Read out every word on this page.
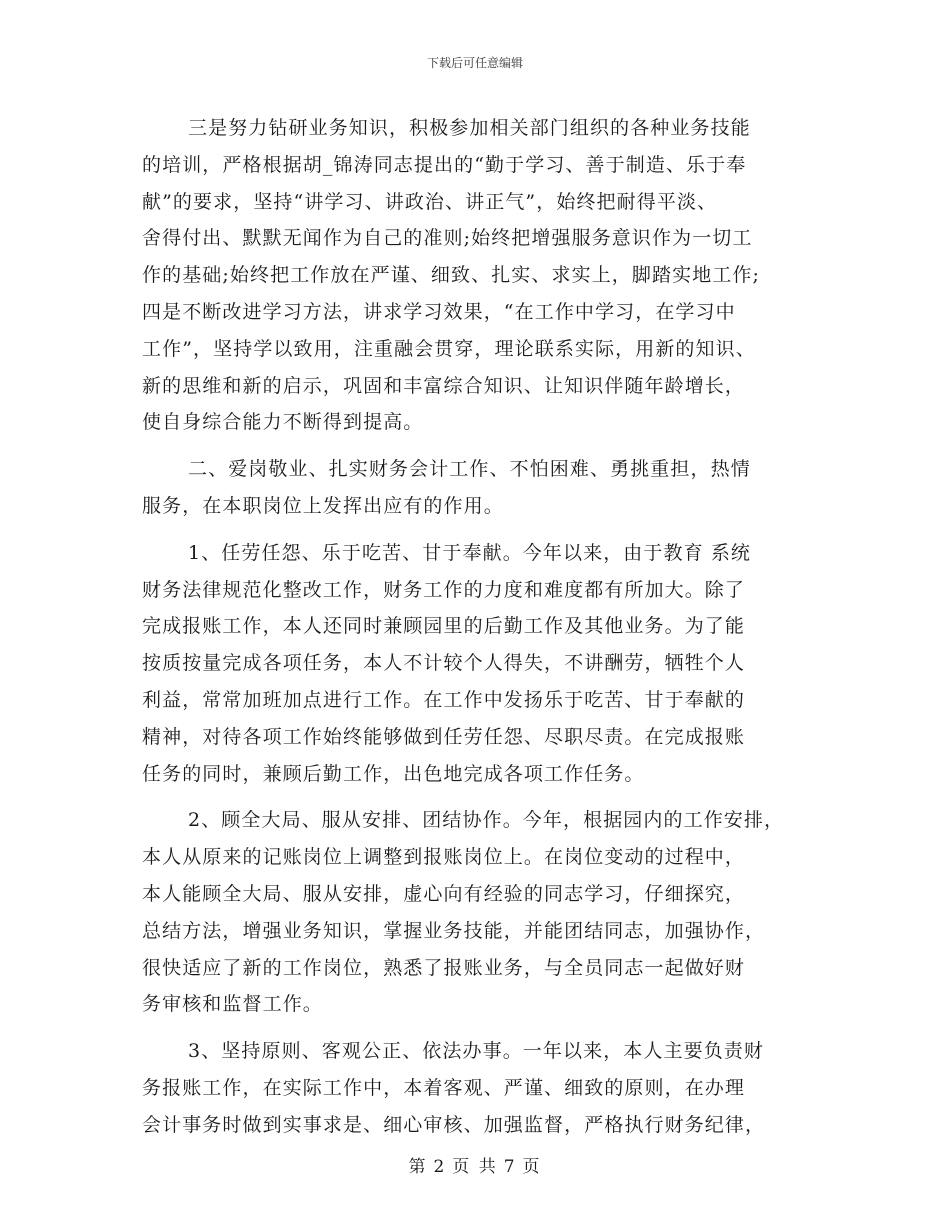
下载后可任意编辑
三是努力钻研业务知识，积极参加相关部门组织的各种业务技能
的培训，严格根据胡_锦涛同志提出的“勤于学习、善于制造、乐于奉
献”的要求，坚持“讲学习、讲政治、讲正气”，始终把耐得平淡、
舍得付出、默默无闻作为自己的准则;始终把增强服务意识作为一切工
作的基础;始终把工作放在严谨、细致、扎实、求实上，脚踏实地工作;
四是不断改进学习方法，讲求学习效果，“在工作中学习，在学习中
工作”，坚持学以致用，注重融会贯穿，理论联系实际，用新的知识、
新的思维和新的启示，巩固和丰富综合知识、让知识伴随年龄增长，
使自身综合能力不断得到提高。
二、爱岗敬业、扎实财务会计工作、不怕困难、勇挑重担，热情
服务，在本职岗位上发挥出应有的作用。
1、任劳任怨、乐于吃苦、甘于奉献。今年以来，由于教育 系统
财务法律规范化整改工作，财务工作的力度和难度都有所加大。除了
完成报账工作，本人还同时兼顾园里的后勤工作及其他业务。为了能
按质按量完成各项任务，本人不计较个人得失，不讲酬劳，牺牲个人
利益，常常加班加点进行工作。在工作中发扬乐于吃苦、甘于奉献的
精神，对待各项工作始终能够做到任劳任怨、尽职尽责。在完成报账
任务的同时，兼顾后勤工作，出色地完成各项工作任务。
2、顾全大局、服从安排、团结协作。今年，根据园内的工作安排，
本人从原来的记账岗位上调整到报账岗位上。在岗位变动的过程中，
本人能顾全大局、服从安排，虚心向有经验的同志学习，仔细探究，
总结方法，增强业务知识，掌握业务技能，并能团结同志，加强协作，
很快适应了新的工作岗位，熟悉了报账业务，与全员同志一起做好财
务审核和监督工作。
3、坚持原则、客观公正、依法办事。一年以来，本人主要负责财
务报账工作，在实际工作中，本着客观、严谨、细致的原则，在办理
会计事务时做到实事求是、细心审核、加强监督，严格执行财务纪律，
第 2 页 共 7 页
